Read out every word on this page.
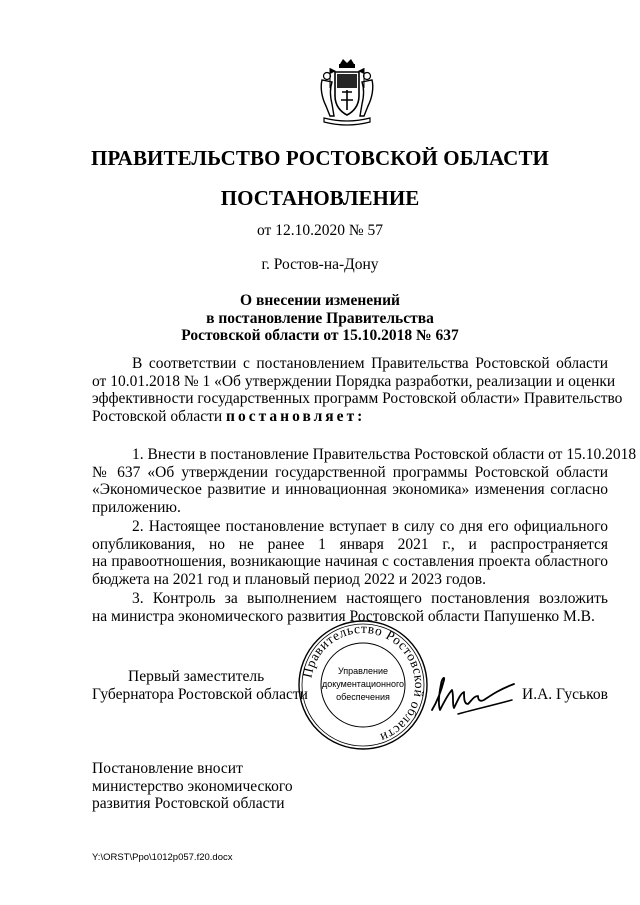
ПРАВИТЕЛЬСТВО РОСТОВСКОЙ ОБЛАСТИ
ПОСТАНОВЛЕНИЕ
от 12.10.2020 № 57
г. Ростов-на-Дону
О внесении изменений
в постановление Правительства
Ростовской области от 15.10.2018 № 637
В соответствии с постановлением Правительства Ростовской области
от 10.01.2018 № 1 «Об утверждении Порядка разработки, реализации и оценки
эффективности государственных программ Ростовской области» Правительство
Ростовской области постановляет:
1. Внести в постановление Правительства Ростовской области от 15.10.2018
№ 637 «Об утверждении государственной программы Ростовской области
«Экономическое развитие и инновационная экономика» изменения согласно
приложению.
2. Настоящее постановление вступает в силу со дня его официального
опубликования, но не ранее 1 января 2021 г., и распространяется
на правоотношения, возникающие начиная с составления проекта областного
бюджета на 2021 год и плановый период 2022 и 2023 годов.
3. Контроль за выполнением настоящего постановления возложить
на министра экономического развития Ростовской области Папушенко М.В.
Правительство Ростовской области
Управление
документационного
обеспечения
Первый заместитель
Губернатора Ростовской области	И.А. Гуськов
Постановление вносит
министерство экономического
развития Ростовской области
Y:\ORST\Ppo\1012p057.f20.docx
